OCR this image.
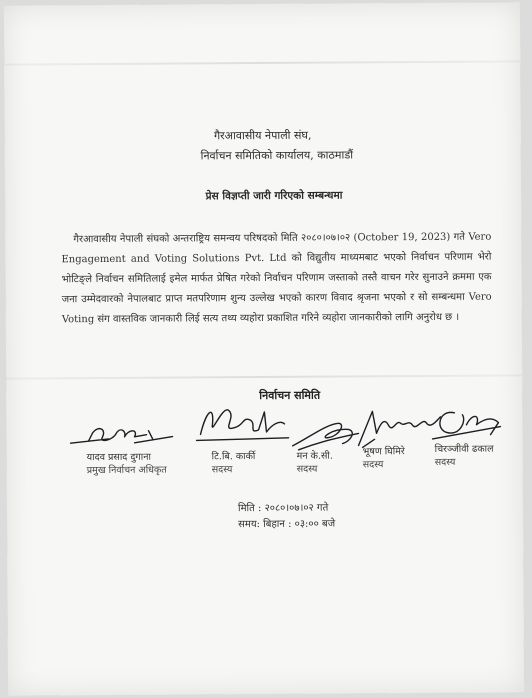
गैरआवासीय नेपाली संघ,
निर्वाचन समितिको कार्यालय, काठमाडौं
प्रेस विज्ञप्ती जारी गरिएको सम्बन्धमा
गैरआवासीय नेपाली संघको अन्तराष्ट्रिय समन्वय परिषदको मिति २०८०।०७।०२ (October 19, 2023) गते Vero Engagement and Voting Solutions Pvt. Ltd को विद्युतीय माध्यमबाट भएको निर्वाचन परिणाम भेरो भोटिङ्ले निर्वाचन समितिलाई इमेल मार्फत प्रेषित गरेको निर्वाचन परिणाम जस्ताको तस्तै वाचन गरेर सुनाउने क्रममा एक जना उम्मेदवारको नेपालबाट प्राप्त मतपरिणाम शुन्य उल्लेख भएको कारण विवाद श्रृजना भएको र सो सम्बन्धमा Vero Voting संग वास्तविक जानकारी लिई सत्य तथ्य व्यहोरा प्रकाशित गरिने व्यहोरा जानकारीको लागि अनुरोध छ ।
निर्वाचन समिति
यादव प्रसाद दुगाना
प्रमुख निर्वाचन अधिकृत
टि.बि. कार्की
सदस्य
मन के.सी.
सदस्य
भूषण घिमिरे
सदस्य
चिरञ्जीवी ढकाल
सदस्य
मिति : २०८०।०७।०२ गते
समय: बिहान : ०३:०० बजे
